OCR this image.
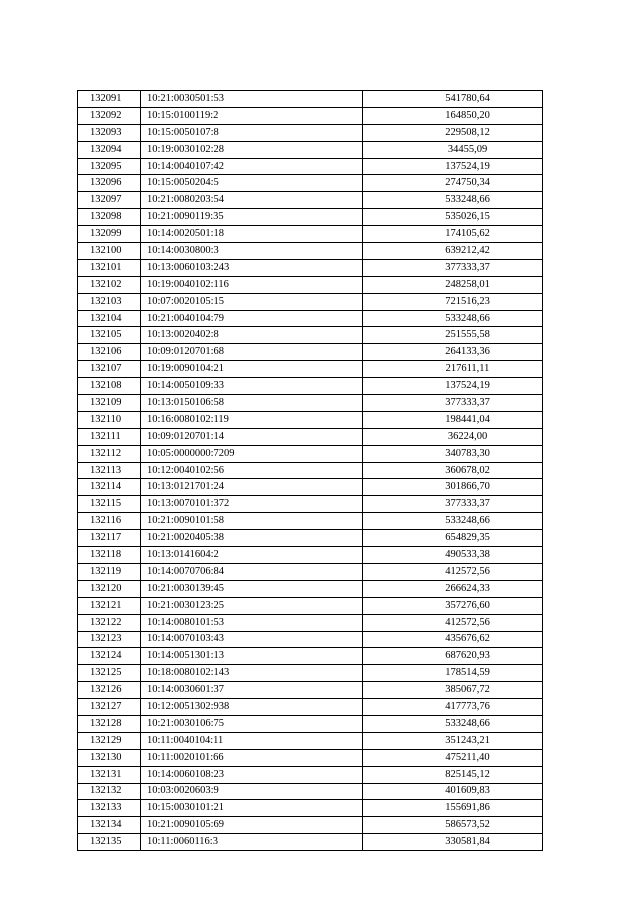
132091	10:21:0030501:53	541780,64
132092	10:15:0100119:2	164850,20
132093	10:15:0050107:8	229508,12
132094	10:19:0030102:28	34455,09
132095	10:14:0040107:42	137524,19
132096	10:15:0050204:5	274750,34
132097	10:21:0080203:54	533248,66
132098	10:21:0090119:35	535026,15
132099	10:14:0020501:18	174105,62
132100	10:14:0030800:3	639212,42
132101	10:13:0060103:243	377333,37
132102	10:19:0040102:116	248258,01
132103	10:07:0020105:15	721516,23
132104	10:21:0040104:79	533248,66
132105	10:13:0020402:8	251555,58
132106	10:09:0120701:68	264133,36
132107	10:19:0090104:21	217611,11
132108	10:14:0050109:33	137524,19
132109	10:13:0150106:58	377333,37
132110	10:16:0080102:119	198441,04
132111	10:09:0120701:14	36224,00
132112	10:05:0000000:7209	340783,30
132113	10:12:0040102:56	360678,02
132114	10:13:0121701:24	301866,70
132115	10:13:0070101:372	377333,37
132116	10:21:0090101:58	533248,66
132117	10:21:0020405:38	654829,35
132118	10:13:0141604:2	490533,38
132119	10:14:0070706:84	412572,56
132120	10:21:0030139:45	266624,33
132121	10:21:0030123:25	357276,60
132122	10:14:0080101:53	412572,56
132123	10:14:0070103:43	435676,62
132124	10:14:0051301:13	687620,93
132125	10:18:0080102:143	178514,59
132126	10:14:0030601:37	385067,72
132127	10:12:0051302:938	417773,76
132128	10:21:0030106:75	533248,66
132129	10:11:0040104:11	351243,21
132130	10:11:0020101:66	475211,40
132131	10:14:0060108:23	825145,12
132132	10:03:0020603:9	401609,83
132133	10:15:0030101:21	155691,86
132134	10:21:0090105:69	586573,52
132135	10:11:0060116:3	330581,84
